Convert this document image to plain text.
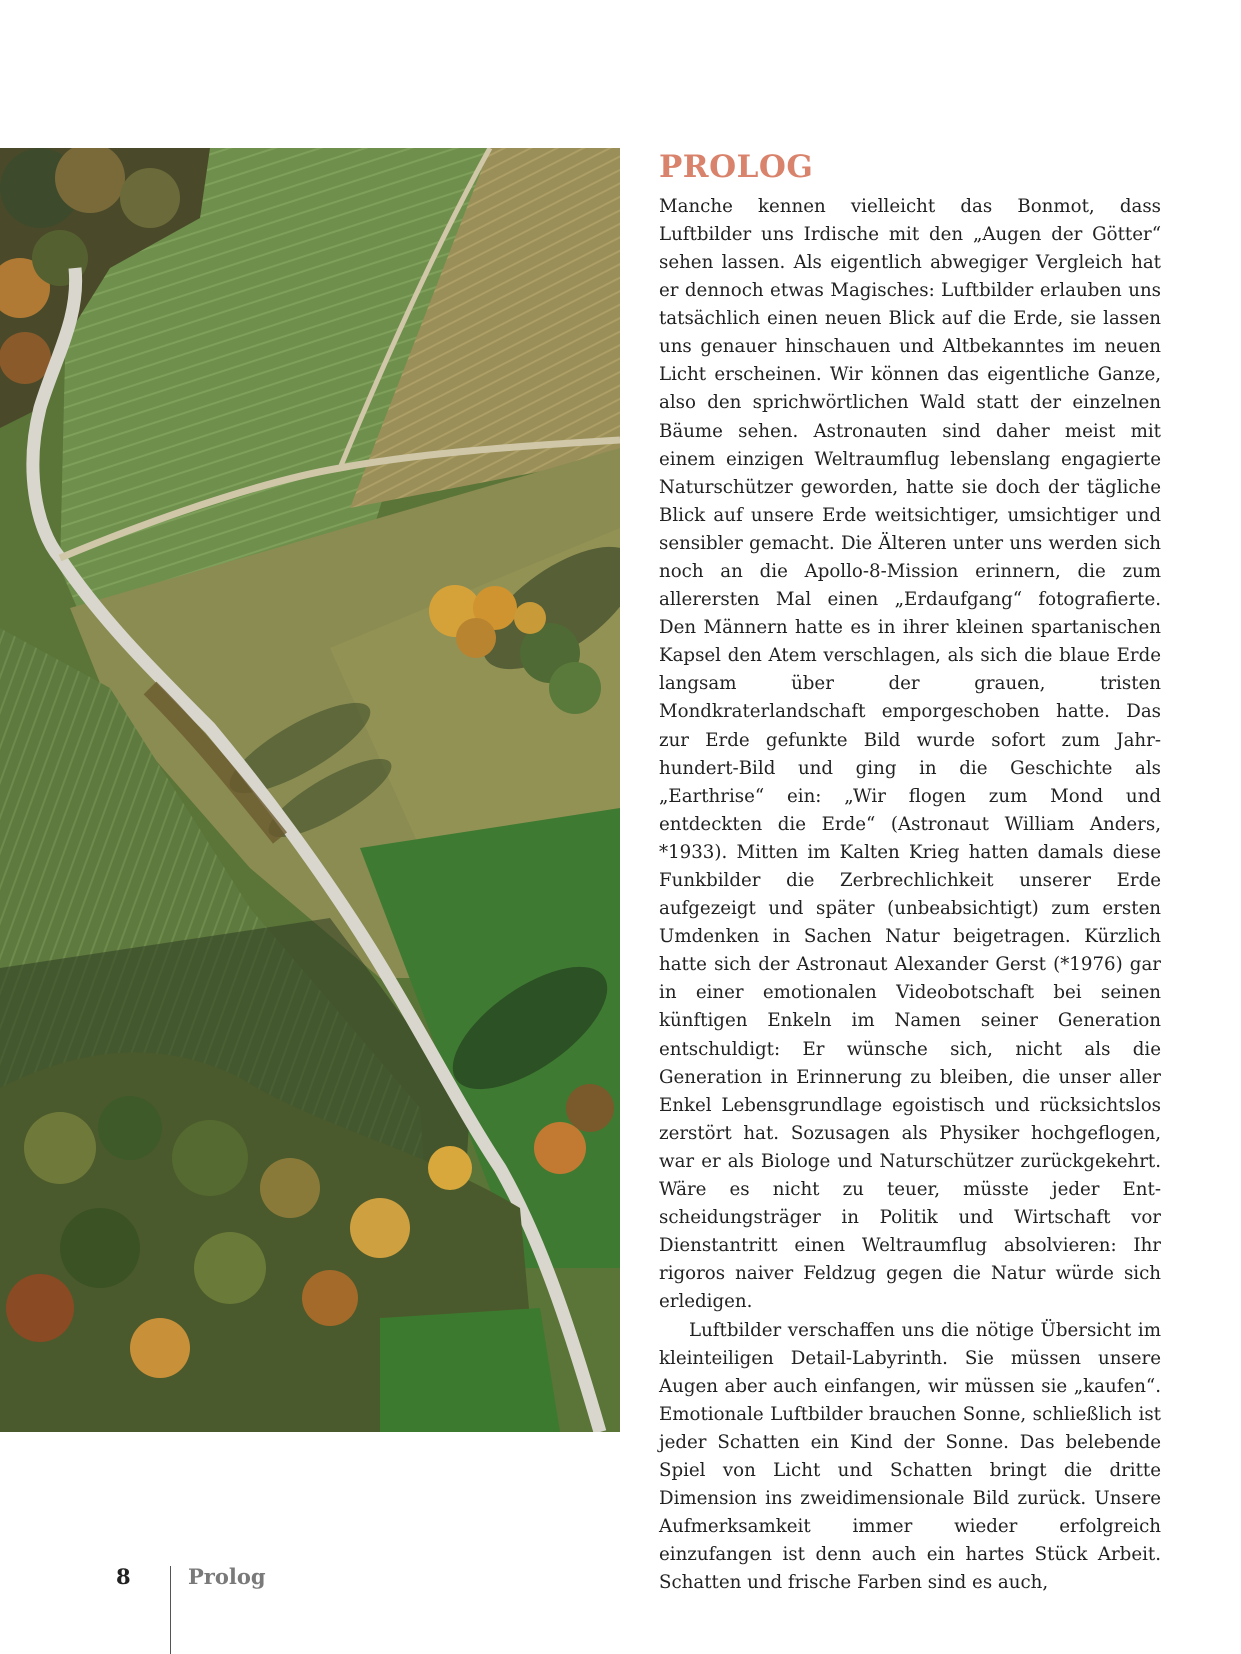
PROLOG

Manche kennen vielleicht das Bonmot, dass Luftbilder uns Irdische mit den „Augen der Götter“ sehen lassen. Als eigentlich abwegiger Vergleich hat er dennoch etwas Magisches: Luftbilder erlauben uns tatsächlich einen neuen Blick auf die Erde, sie lassen uns genauer hinschauen und Altbekanntes im neuen Licht erscheinen. Wir können das eigentliche Ganze, also den sprichwörtlichen Wald statt der einzelnen Bäume sehen. Astronauten sind daher meist mit einem einzigen Weltraumflug lebenslang engagierte Naturschützer geworden, hatte sie doch der tägliche Blick auf unsere Erde weitsichtiger, umsichtiger und sensibler gemacht. Die Älteren unter uns werden sich noch an die Apollo-8-Mission erinnern, die zum allerersten Mal einen „Erdaufgang“ fotografierte. Den Männern hatte es in ihrer kleinen spartanischen Kapsel den Atem verschlagen, als sich die blaue Erde langsam über der grauen, tristen Mondkraterlandschaft emporgeschoben hatte. Das zur Erde gefunkte Bild wurde sofort zum Jahrhundert-Bild und ging in die Geschichte als „Earthrise“ ein: „Wir flogen zum Mond und entdeckten die Erde“ (Astronaut William Anders, *1933). Mitten im Kalten Krieg hatten damals diese Funkbilder die Zerbrechlichkeit unserer Erde aufgezeigt und später (unbeabsichtigt) zum ersten Umdenken in Sachen Natur beigetragen. Kürzlich hatte sich der Astronaut Alexander Gerst (*1976) gar in einer emotionalen Videobotschaft bei seinen künftigen Enkeln im Namen seiner Generation entschuldigt: Er wünsche sich, nicht als die Generation in Erinnerung zu bleiben, die unser aller Enkel Lebensgrundlage egoistisch und rücksichtslos zerstört hat. Sozusagen als Physiker hochgeflogen, war er als Biologe und Naturschützer zurückgekehrt. Wäre es nicht zu teuer, müsste jeder Entscheidungsträger in Politik und Wirtschaft vor Dienstantritt einen Weltraumflug absolvieren: Ihr rigoros naiver Feldzug gegen die Natur würde sich erledigen.

Luftbilder verschaffen uns die nötige Übersicht im kleinteiligen Detail-Labyrinth. Sie müssen unsere Augen aber auch einfangen, wir müssen sie „kaufen“. Emotionale Luftbilder brauchen Sonne, schließlich ist jeder Schatten ein Kind der Sonne. Das belebende Spiel von Licht und Schatten bringt die dritte Dimension ins zweidimensionale Bild zurück. Unsere Aufmerksamkeit immer wieder erfolgreich einzufangen ist denn auch ein hartes Stück Arbeit. Schatten und frische Farben sind es auch,

8	Prolog
